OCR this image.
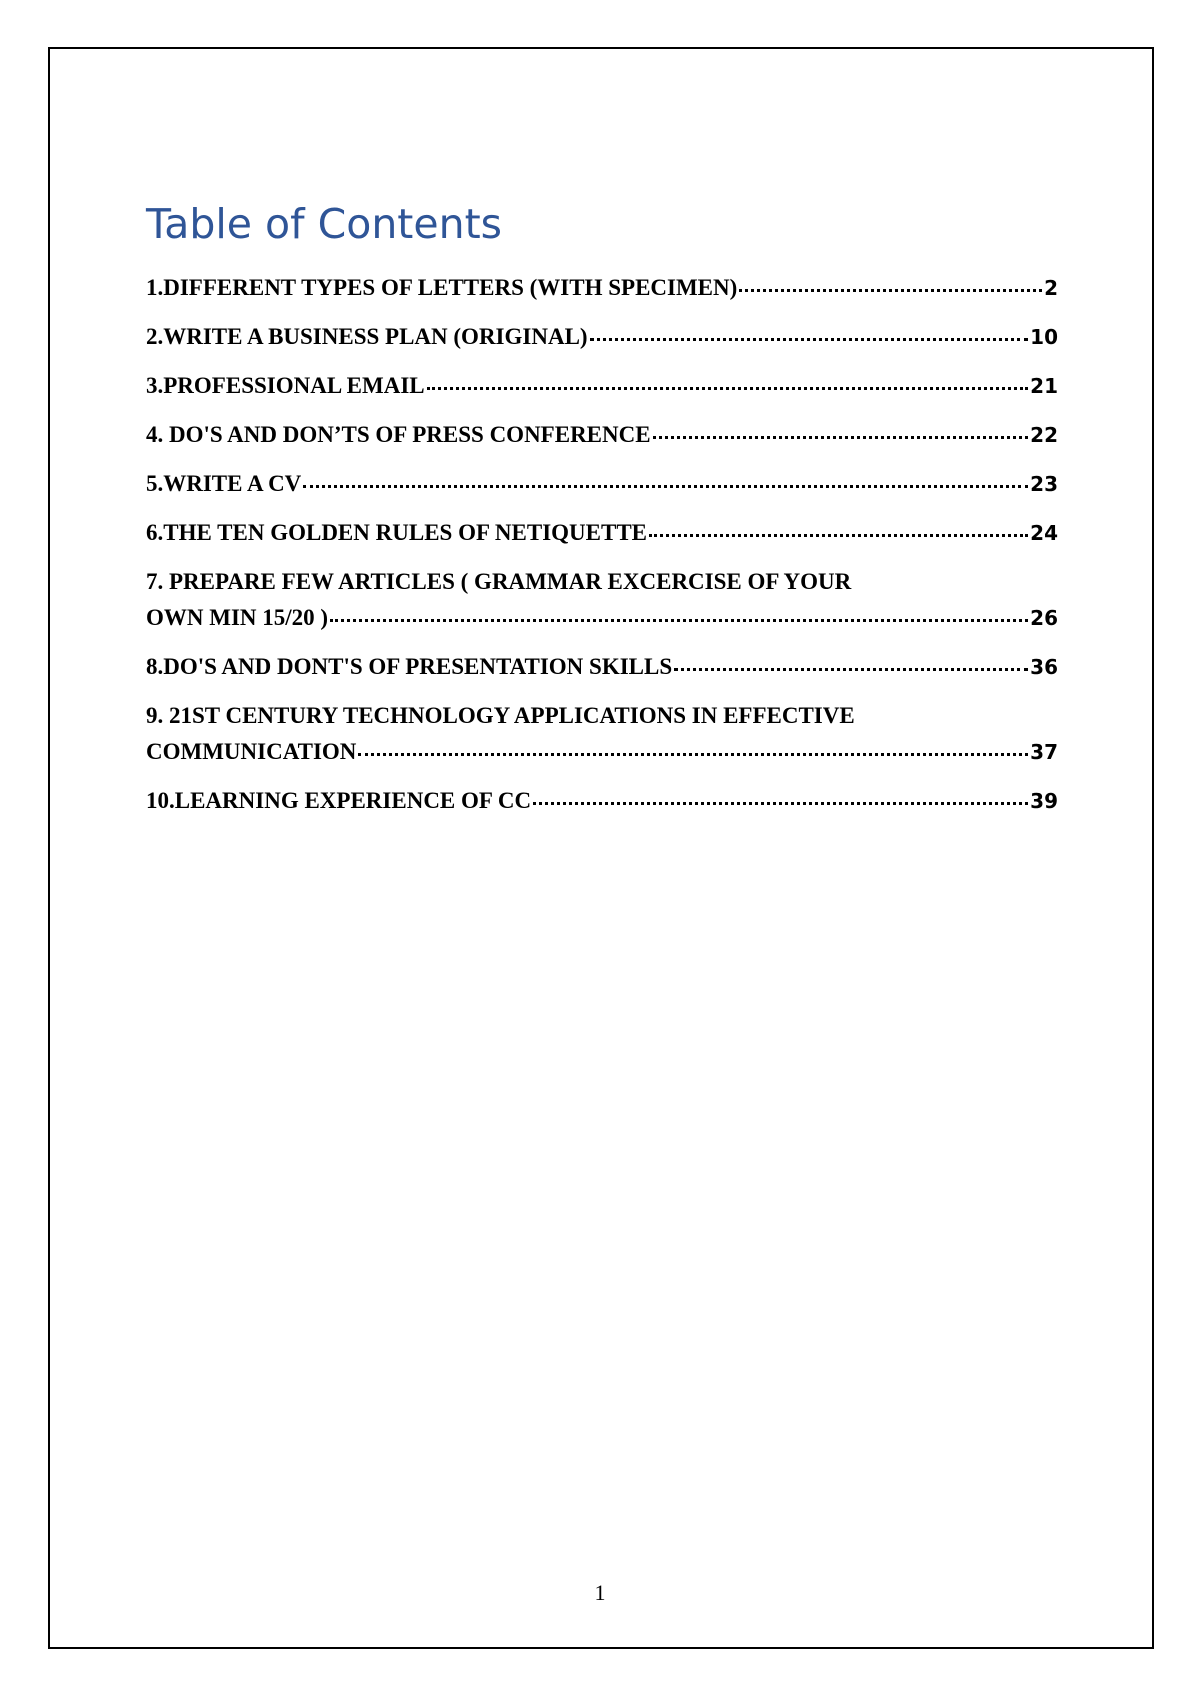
Table of Contents
1.DIFFERENT TYPES OF LETTERS (WITH SPECIMEN)	2
2.WRITE A BUSINESS PLAN (ORIGINAL)	10
3.PROFESSIONAL EMAIL	21
4. DO'S AND DON’TS OF PRESS CONFERENCE	22
5.WRITE A CV	23
6.THE TEN GOLDEN RULES OF NETIQUETTE	24
7. PREPARE FEW ARTICLES ( GRAMMAR EXCERCISE OF YOUR
OWN MIN 15/20 )	26
8.DO'S AND DONT'S OF PRESENTATION SKILLS	36
9. 21ST CENTURY TECHNOLOGY APPLICATIONS IN EFFECTIVE
COMMUNICATION	37
10.LEARNING EXPERIENCE OF CC	39
1
